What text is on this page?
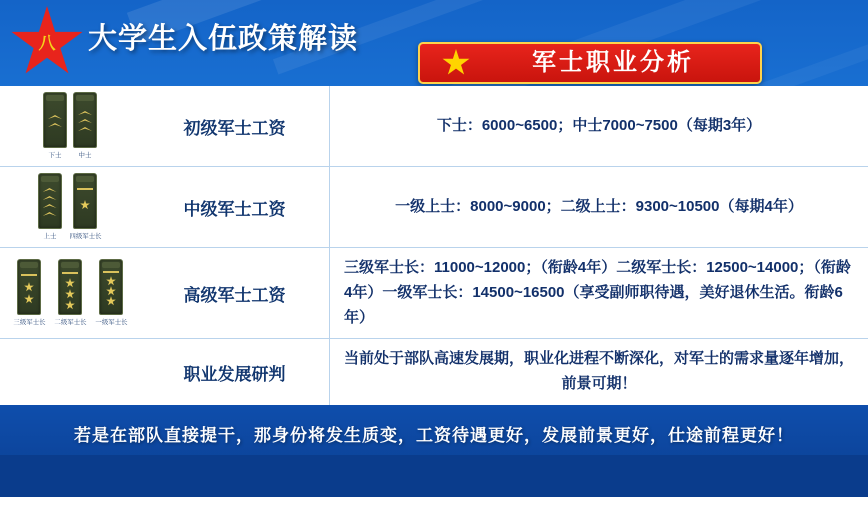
八 大学生入伍政策解读
军士职业分析
下士 中士
初级军士工资	下士：6000~6500；中士7000~7500（每期3年）
上士 四级军士长
中级军士工资	一级上士：8000~9000；二级上士：9300~10500（每期4年）
三级军士长 二级军士长 一级军士长
高级军士工资
三级军士长：11000~12000；（衔龄4年）二级军士长：12500~14000；（衔龄4年）一级军士长：14500~16500（享受副师职待遇，美好退休生活。衔龄6年）
职业发展研判
当前处于部队高速发展期，职业化进程不断深化，对军士的需求量逐年增加，前景可期！
若是在部队直接提干，那身份将发生质变，工资待遇更好，发展前景更好，仕途前程更好！
